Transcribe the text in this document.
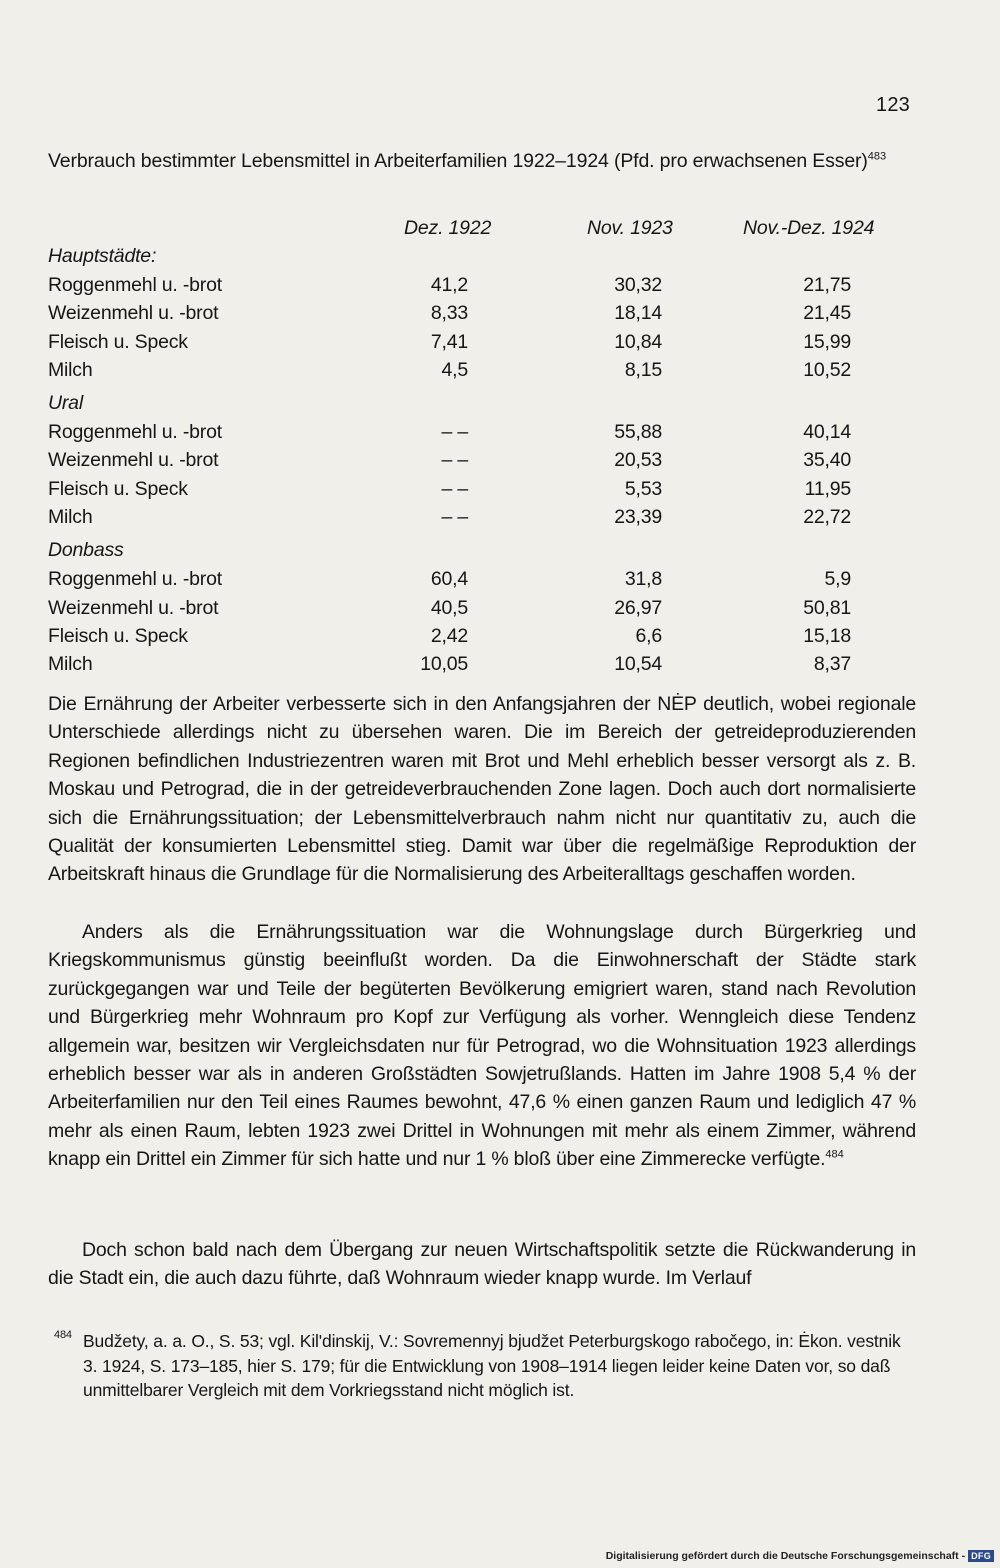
123
Verbrauch bestimmter Lebensmittel in Arbeiterfamilien 1922–1924 (Pfd. pro erwachsenen Esser)$^{483}$
Dez. 1922	Nov. 1923	Nov.-Dez. 1924
Hauptstädte:
Roggenmehl u. -brot	41,2	30,32	21,75
Weizenmehl u. -brot	8,33	18,14	21,45
Fleisch u. Speck	7,41	10,84	15,99
Milch	4,5	8,15	10,52
Ural
Roggenmehl u. -brot	– –	55,88	40,14
Weizenmehl u. -brot	– –	20,53	35,40
Fleisch u. Speck	– –	5,53	11,95
Milch	– –	23,39	22,72
Donbass
Roggenmehl u. -brot	60,4	31,8	5,9
Weizenmehl u. -brot	40,5	26,97	50,81
Fleisch u. Speck	2,42	6,6	15,18
Milch	10,05	10,54	8,37

Die Ernährung der Arbeiter verbesserte sich in den Anfangsjahren der NĖP deutlich, wobei regionale Unterschiede allerdings nicht zu übersehen waren. Die im Bereich der getreideproduzierenden Regionen befindlichen Industriezentren waren mit Brot und Mehl erheblich besser versorgt als z. B. Moskau und Petrograd, die in der getreideverbrauchenden Zone lagen. Doch auch dort normalisierte sich die Ernährungssituation; der Lebensmittelverbrauch nahm nicht nur quantitativ zu, auch die Qualität der konsumierten Lebensmittel stieg. Damit war über die regelmäßige Reproduktion der Arbeitskraft hinaus die Grundlage für die Normalisierung des Arbeiteralltags geschaffen worden.

Anders als die Ernährungssituation war die Wohnungslage durch Bürgerkrieg und Kriegskommunismus günstig beeinflußt worden. Da die Einwohnerschaft der Städte stark zurückgegangen war und Teile der begüterten Bevölkerung emigriert waren, stand nach Revolution und Bürgerkrieg mehr Wohnraum pro Kopf zur Verfügung als vorher. Wenngleich diese Tendenz allgemein war, besitzen wir Vergleichsdaten nur für Petrograd, wo die Wohnsituation 1923 allerdings erheblich besser war als in anderen Großstädten Sowjetrußlands. Hatten im Jahre 1908 5,4 % der Arbeiterfamilien nur den Teil eines Raumes bewohnt, 47,6 % einen ganzen Raum und lediglich 47 % mehr als einen Raum, lebten 1923 zwei Drittel in Wohnungen mit mehr als einem Zimmer, während knapp ein Drittel ein Zimmer für sich hatte und nur 1 % bloß über eine Zimmerecke verfügte.$^{484}$

Doch schon bald nach dem Übergang zur neuen Wirtschaftspolitik setzte die Rückwanderung in die Stadt ein, die auch dazu führte, daß Wohnraum wieder knapp wurde. Im Verlauf

484 Budžety, a. a. O., S. 53; vgl. Kil'dinskij, V.: Sovremennyj bjudžet Peterburgskogo rabočego, in: Ėkon. vestnik 3. 1924, S. 173–185, hier S. 179; für die Entwicklung von 1908–1914 liegen leider keine Daten vor, so daß unmittelbarer Vergleich mit dem Vorkriegsstand nicht möglich ist.
Digitalisierung gefördert durch die Deutsche Forschungsgemeinschaft - DFG
